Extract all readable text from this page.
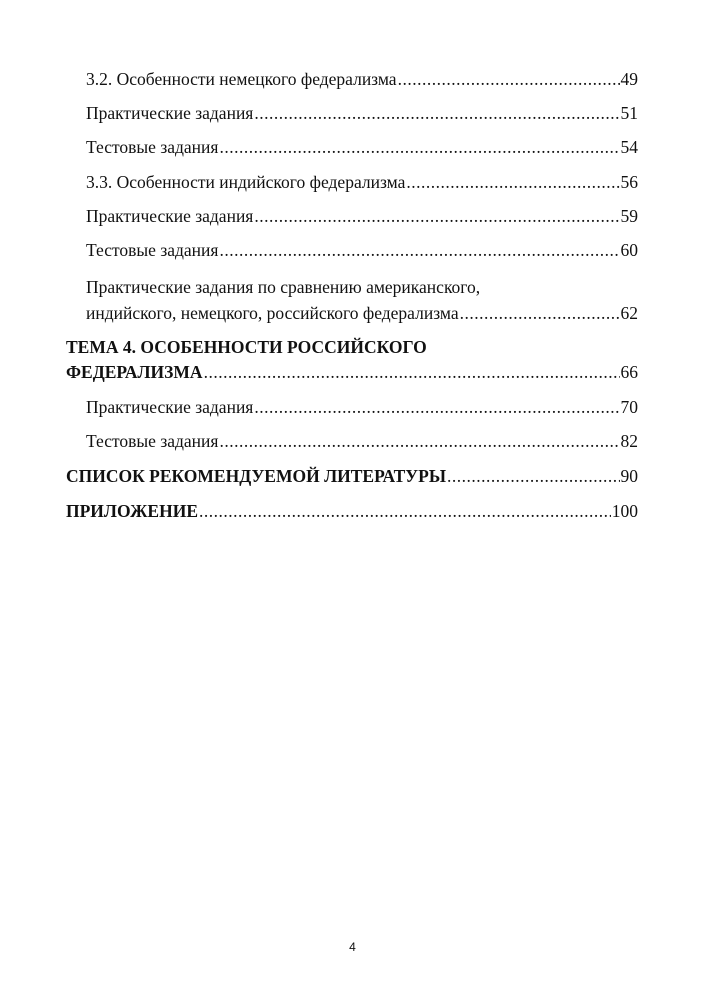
3.2. Особенности немецкого федерализма .....	49
Практические задания .....	51
Тестовые задания .....	54
3.3. Особенности индийского федерализма .....	56
Практические задания .....	59
Тестовые задания .....	60
Практические задания по сравнению американского,
индийского, немецкого, российского федерализма .....	62
ТЕМА 4. ОСОБЕННОСТИ РОССИЙСКОГО
ФЕДЕРАЛИЗМА .....	66
Практические задания .....	70
Тестовые задания .....	82
СПИСОК РЕКОМЕНДУЕМОЙ ЛИТЕРАТУРЫ .....	90
ПРИЛОЖЕНИЕ .....	100
4
